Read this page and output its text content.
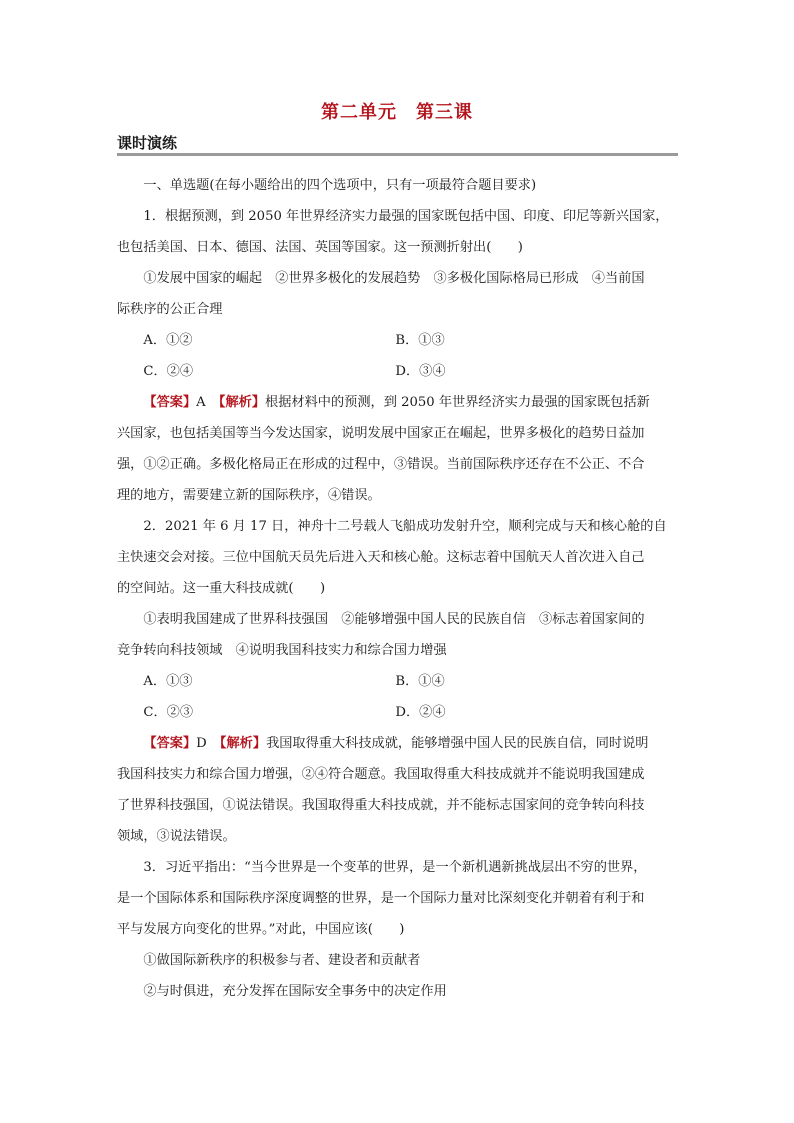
第二单元　第三课
课时演练

一、单选题(在每小题给出的四个选项中，只有一项最符合题目要求)

1．根据预测，到 2050 年世界经济实力最强的国家既包括中国、印度、印尼等新兴国家，

也包括美国、日本、德国、法国、英国等国家。这一预测折射出(　　)

①发展中国家的崛起　②世界多极化的发展趋势　③多极化国际格局已形成　④当前国

际秩序的公正合理

A．①②	B．①③
C．②④	D．③④

【答案】A　 【解析】根据材料中的预测，到 2050 年世界经济实力最强的国家既包括新

兴国家，也包括美国等当今发达国家，说明发展中国家正在崛起，世界多极化的趋势日益加

强，①②正确。多极化格局正在形成的过程中，③错误。当前国际秩序还存在不公正、不合

理的地方，需要建立新的国际秩序，④错误。

2．2021 年 6 月 17 日，神舟十二号载人飞船成功发射升空，顺利完成与天和核心舱的自

主快速交会对接。三位中国航天员先后进入天和核心舱。这标志着中国航天人首次进入自己

的空间站。这一重大科技成就(　　)

①表明我国建成了世界科技强国　②能够增强中国人民的民族自信　③标志着国家间的

竞争转向科技领域　④说明我国科技实力和综合国力增强

A．①③	B．①④
C．②③	D．②④

【答案】D　 【解析】我国取得重大科技成就，能够增强中国人民的民族自信，同时说明

我国科技实力和综合国力增强，②④符合题意。我国取得重大科技成就并不能说明我国建成

了世界科技强国，①说法错误。我国取得重大科技成就，并不能标志国家间的竞争转向科技

领域，③说法错误。

3．习近平指出：“当今世界是一个变革的世界，是一个新机遇新挑战层出不穷的世界，

是一个国际体系和国际秩序深度调整的世界，是一个国际力量对比深刻变化并朝着有利于和

平与发展方向变化的世界。”对此，中国应该(　　)

①做国际新秩序的积极参与者、建设者和贡献者

②与时俱进，充分发挥在国际安全事务中的决定作用
